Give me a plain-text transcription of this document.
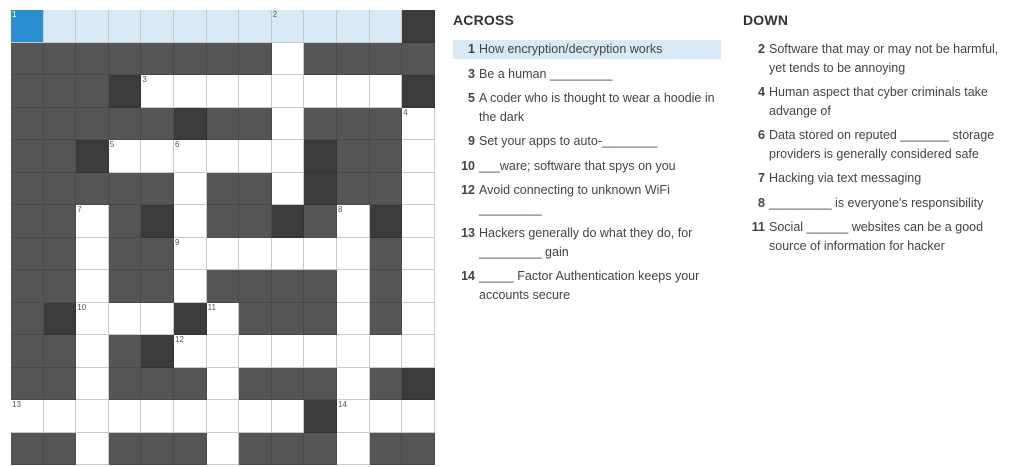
1	2
3
4
5	6
7	8
9
10	11
12
13	14
ACROSS
1 How encryption/decryption works
3 Be a human _________
5 A coder who is thought to wear a hoodie in the dark
9 Set your apps to auto-________
10 ___ware; software that spys on you
12 Avoid connecting to unknown WiFi _________
13 Hackers generally do what they do, for _________ gain
14 _____ Factor Authentication keeps your accounts secure
DOWN
2 Software that may or may not be harmful, yet tends to be annoying
4 Human aspect that cyber criminals take advange of
6 Data stored on reputed _______ storage providers is generally considered safe
7 Hacking via text messaging
8 _________ is everyone's responsibility
11 Social ______ websites can be a good source of information for hacker
